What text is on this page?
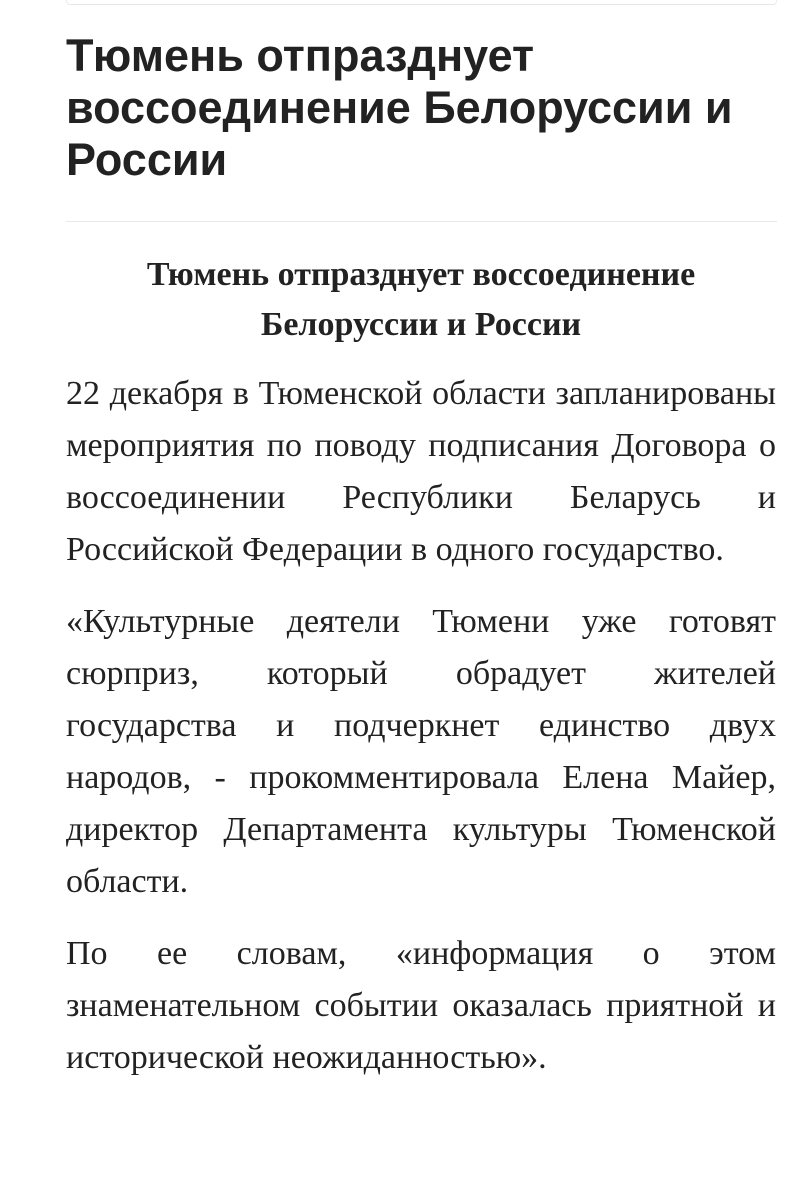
Тюмень отпразднует воссоединение Белоруссии и России
Тюмень отпразднует воссоединение Белоруссии и России

22 декабря в Тюменской области запланированы мероприятия по поводу подписания Договора о воссоединении Республики Беларусь и Российской Федерации в одного государство.

«Культурные деятели Тюмени уже готовят сюрприз, который обрадует жителей государства и подчеркнет единство двух народов, - прокомментировала Елена Майер, директор Департамента культуры Тюменской области.

По ее словам, «информация о этом знаменательном событии оказалась приятной и исторической неожиданностью».
